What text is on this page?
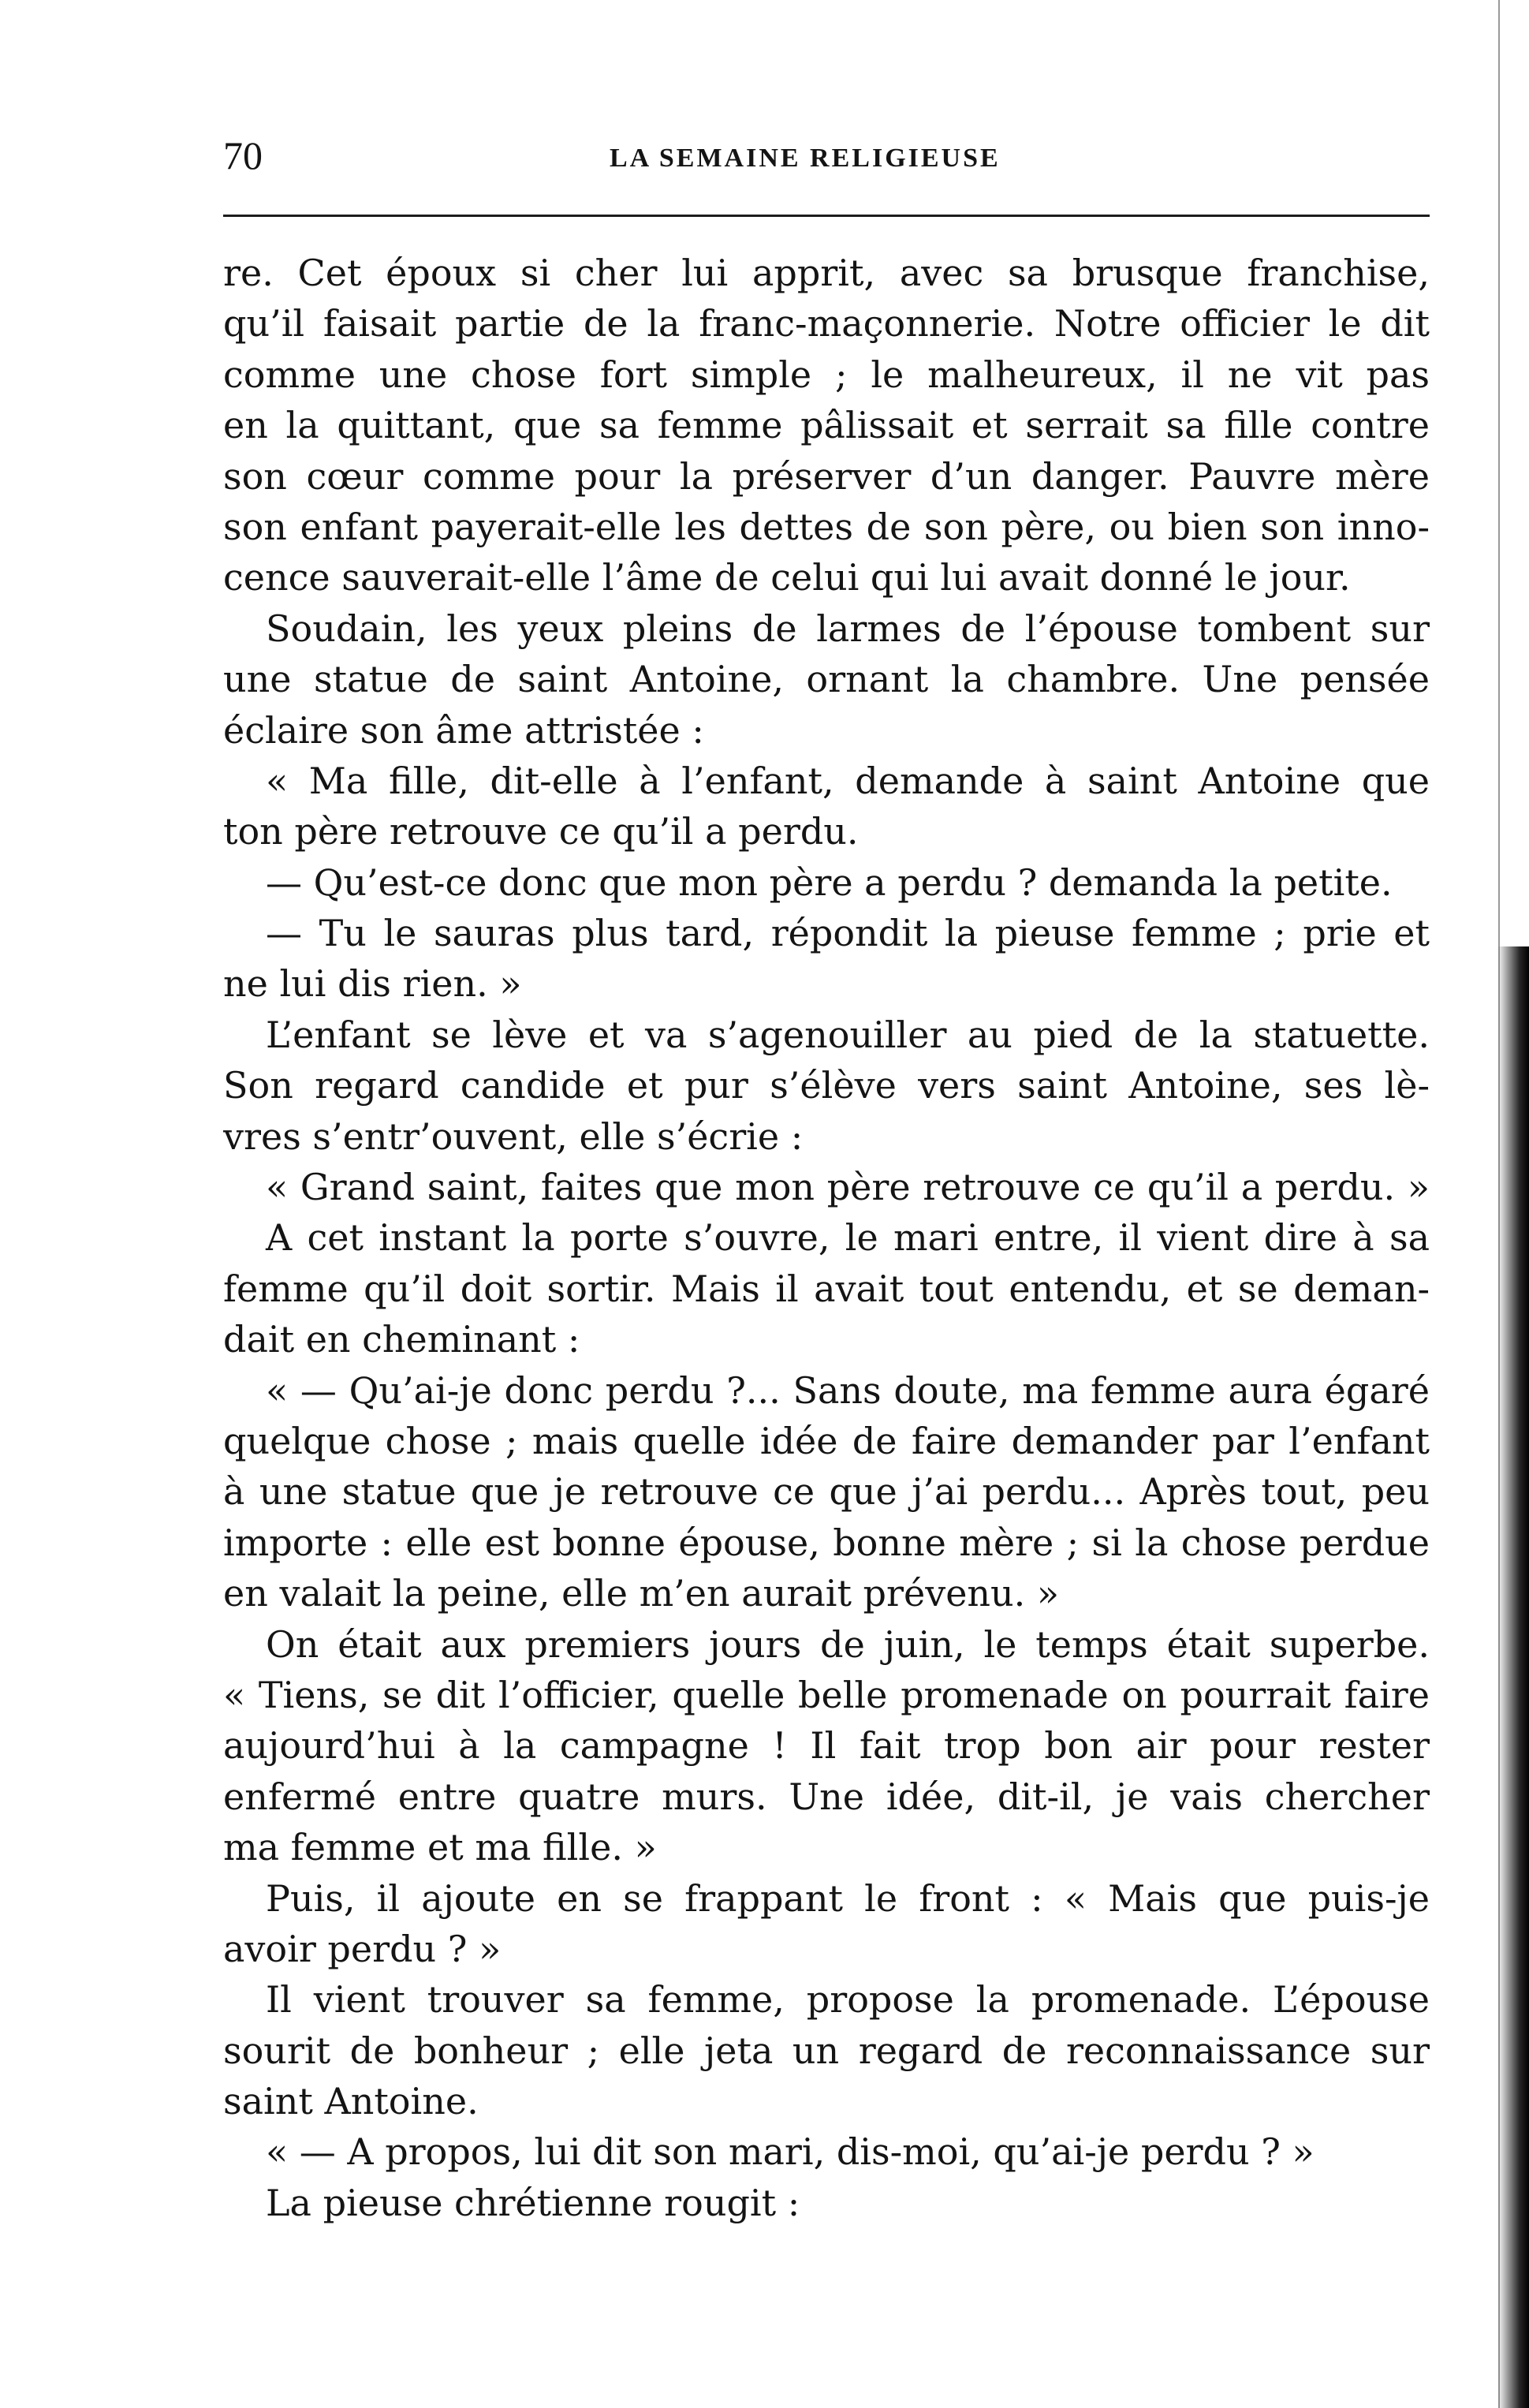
70	LA SEMAINE RELIGIEUSE
re. Cet époux si cher lui apprit, avec sa brusque franchise,
qu’il faisait partie de la franc-maçonnerie. Notre officier le dit
comme une chose fort simple ; le malheureux, il ne vit pas
en la quittant, que sa femme pâlissait et serrait sa fille contre
son cœur comme pour la préserver d’un danger. Pauvre mère
son enfant payerait-elle les dettes de son père, ou bien son inno-
cence sauverait-elle l’âme de celui qui lui avait donné le jour.
Soudain, les yeux pleins de larmes de l’épouse tombent sur
une statue de saint Antoine, ornant la chambre. Une pensée
éclaire son âme attristée :
« Ma fille, dit-elle à l’enfant, demande à saint Antoine que
ton père retrouve ce qu’il a perdu.
— Qu’est-ce donc que mon père a perdu ? demanda la petite.
— Tu le sauras plus tard, répondit la pieuse femme ; prie et
ne lui dis rien. »
L’enfant se lève et va s’agenouiller au pied de la statuette.
Son regard candide et pur s’élève vers saint Antoine, ses lè-
vres s’entr’ouvent, elle s’écrie :
« Grand saint, faites que mon père retrouve ce qu’il a perdu. »
A cet instant la porte s’ouvre, le mari entre, il vient dire à sa
femme qu’il doit sortir. Mais il avait tout entendu, et se deman-
dait en cheminant :
« — Qu’ai-je donc perdu ?... Sans doute, ma femme aura égaré
quelque chose ; mais quelle idée de faire demander par l’enfant
à une statue que je retrouve ce que j’ai perdu... Après tout, peu
importe : elle est bonne épouse, bonne mère ; si la chose perdue
en valait la peine, elle m’en aurait prévenu. »
On était aux premiers jours de juin, le temps était superbe.
« Tiens, se dit l’officier, quelle belle promenade on pourrait faire
aujourd’hui à la campagne ! Il fait trop bon air pour rester
enfermé entre quatre murs. Une idée, dit-il, je vais chercher
ma femme et ma fille. »
Puis, il ajoute en se frappant le front : « Mais que puis-je
avoir perdu ? »
Il vient trouver sa femme, propose la promenade. L’épouse
sourit de bonheur ; elle jeta un regard de reconnaissance sur
saint Antoine.
« — A propos, lui dit son mari, dis-moi, qu’ai-je perdu ? »
La pieuse chrétienne rougit :
